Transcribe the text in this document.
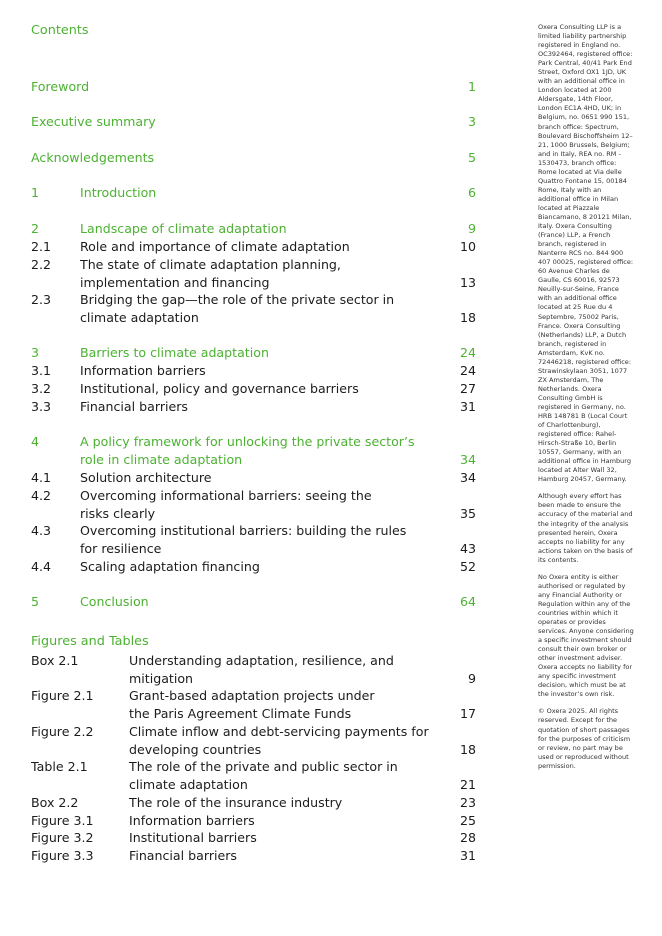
Contents
Foreword	1
Executive summary	3
Acknowledgements	5
1	Introduction	6
2	Landscape of climate adaptation	9
2.1 Role and importance of climate adaptation	10
2.2 The state of climate adaptation planning, implementation and financing	13
2.3 Bridging the gap—the role of the private sector in climate adaptation	18
3	Barriers to climate adaptation	24
3.1 Information barriers	24
3.2 Institutional, policy and governance barriers	27
3.3 Financial barriers	31
4	A policy framework for unlocking the private sector’s role in climate adaptation	34
4.1 Solution architecture	34
4.2 Overcoming informational barriers: seeing the risks clearly	35
4.3 Overcoming institutional barriers: building the rules for resilience	43
4.4 Scaling adaptation financing	52
5	Conclusion	64
Figures and Tables
Box 2.1	Understanding adaptation, resilience, and mitigation	9
Figure 2.1	Grant-based adaptation projects under the Paris Agreement Climate Funds	17
Figure 2.2	Climate inflow and debt-servicing payments for developing countries	18
Table 2.1	The role of the private and public sector in climate adaptation	21
Box 2.2	The role of the insurance industry	23
Figure 3.1	Information barriers	25
Figure 3.2	Institutional barriers	28
Figure 3.3	Financial barriers	31

Oxera Consulting LLP is a limited liability partnership registered in England no. OC392464, registered office: Park Central, 40/41 Park End Street, Oxford OX1 1JD, UK with an additional office in London located at 200 Aldersgate, 14th Floor, London EC1A 4HD, UK; in Belgium, no. 0651 990 151, branch office: Spectrum, Boulevard Bischoffsheim 12–21, 1000 Brussels, Belgium; and in Italy, REA no. RM - 1530473, branch office: Rome located at Via delle Quattro Fontane 15, 00184 Rome, Italy with an additional office in Milan located at Piazzale Biancamano, 8 20121 Milan, Italy. Oxera Consulting (France) LLP, a French branch, registered in Nanterre RCS no. 844 900 407 00025, registered office: 60 Avenue Charles de Gaulle, CS 60016, 92573 Neuilly-sur-Seine, France with an additional office located at 25 Rue du 4 Septembre, 75002 Paris, France. Oxera Consulting (Netherlands) LLP, a Dutch branch, registered in Amsterdam, KvK no. 72446218, registered office: Strawinskylaan 3051, 1077 ZX Amsterdam, The Netherlands. Oxera Consulting GmbH is registered in Germany, no. HRB 148781 B (Local Court of Charlottenburg), registered office: Rahel-Hirsch-Straße 10, Berlin 10557, Germany, with an additional office in Hamburg located at Alter Wall 32, Hamburg 20457, Germany.

Although every effort has been made to ensure the accuracy of the material and the integrity of the analysis presented herein, Oxera accepts no liability for any actions taken on the basis of its contents.

No Oxera entity is either authorised or regulated by any Financial Authority or Regulation within any of the countries within which it operates or provides services. Anyone considering a specific investment should consult their own broker or other investment adviser. Oxera accepts no liability for any specific investment decision, which must be at the investor’s own risk.

© Oxera 2025. All rights reserved. Except for the quotation of short passages for the purposes of criticism or review, no part may be used or reproduced without permission.
